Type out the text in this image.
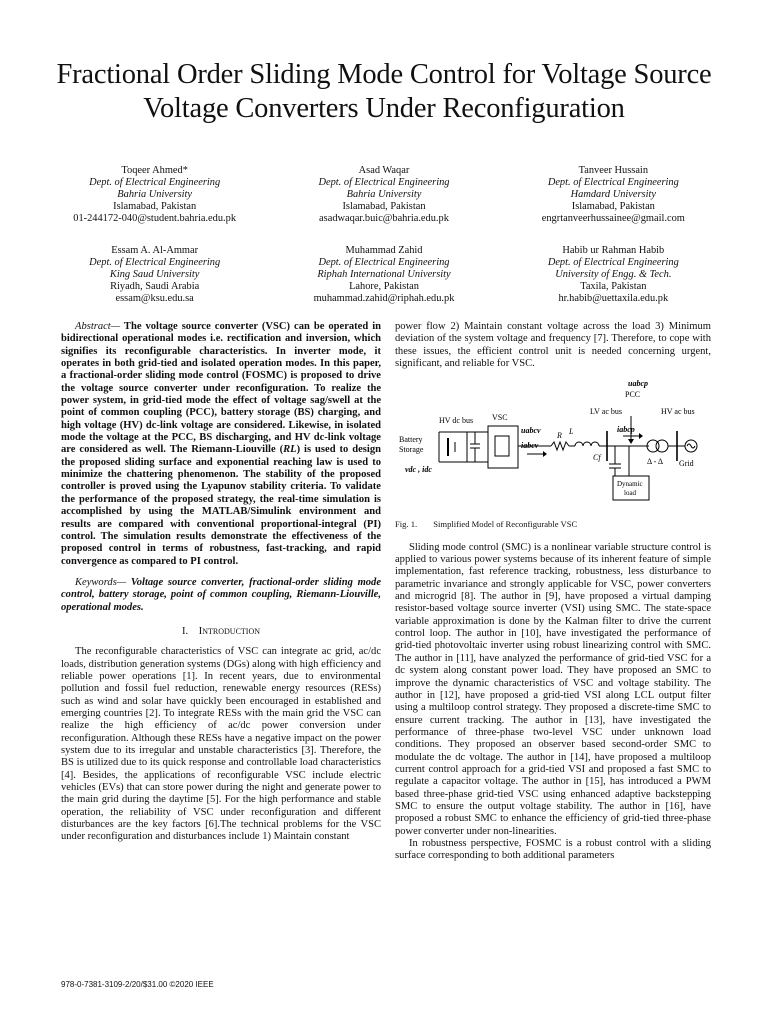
Fractional Order Sliding Mode Control for Voltage Source Voltage Converters Under Reconfiguration
Toqeer Ahmed*
Dept. of Electrical Engineering
Bahria University
Islamabad, Pakistan
01-244172-040@student.bahria.edu.pk
Asad Waqar
Dept. of Electrical Engineering
Bahria University
Islamabad, Pakistan
asadwaqar.buic@bahria.edu.pk
Tanveer Hussain
Dept. of Electrical Engineering
Hamdard University
Islamabad, Pakistan
engrtanveerhussainee@gmail.com
Essam A. Al-Ammar
Dept. of Electrical Engineering
King Saud University
Riyadh, Saudi Arabia
essam@ksu.edu.sa
Muhammad Zahid
Dept. of Electrical Engineering
Riphah International University
Lahore, Pakistan
muhammad.zahid@riphah.edu.pk
Habib ur Rahman Habib
Dept. of Electrical Engineering
University of Engg. & Tech.
Taxila, Pakistan
hr.habib@uettaxila.edu.pk

Abstract— The voltage source converter (VSC) can be operated in bidirectional operational modes i.e. rectification and inversion, which signifies its reconfigurable characteristics. In inverter mode, it operates in both grid-tied and isolated operation modes. In this paper, a fractional-order sliding mode control (FOSMC) is proposed to drive the voltage source converter under reconfiguration. To realize the power system, in grid-tied mode the effect of voltage sag/swell at the point of common coupling (PCC), battery storage (BS) charging, and high voltage (HV) dc-link voltage are considered. Likewise, in isolated mode the voltage at the PCC, BS discharging, and HV dc-link voltage are considered as well. The Riemann-Liouville (RL) is used to design the proposed sliding surface and exponential reaching law is used to minimize the chattering phenomenon. The stability of the proposed controller is proved using the Lyapunov stability criteria. To validate the performance of the proposed strategy, the real-time simulation is accomplished by using the MATLAB/Simulink environment and results are compared with conventional proportional-integral (PI) control. The simulation results demonstrate the effectiveness of the proposed control in terms of robustness, fast-tracking, and rapid convergence as compared to PI control.

Keywords— Voltage source converter, fractional-order sliding mode control, battery storage, point of common coupling, Riemann-Liouville, operational modes.

I. Introduction

The reconfigurable characteristics of VSC can integrate ac grid, ac/dc loads, distribution generation systems (DGs) along with high efficiency and reliable power operations [1]. In recent years, due to environmental pollution and fossil fuel reduction, renewable energy resources (RESs) such as wind and solar have quickly been encouraged in established and emerging countries [2]. To integrate RESs with the main grid the VSC can realize the high efficiency of ac/dc power conversion under reconfiguration. Although these RESs have a negative impact on the power system due to its irregular and unstable characteristics [3]. Therefore, the BS is utilized due to its quick response and controllable load characteristics [4]. Besides, the applications of reconfigurable VSC include electric vehicles (EVs) that can store power during the night and generate power to the main grid during the daytime [5]. For the high performance and stable operation, the reliability of VSC under reconfiguration and different disturbances are the key factors [6].The technical problems for the VSC under reconfiguration and disturbances include 1) Maintain constant

power flow 2) Maintain constant voltage across the load 3) Minimum deviation of the system voltage and frequency [7]. Therefore, to cope with these issues, the efficient control unit is needed concerning urgent, significant, and reliable for VSC.

uabcp
PCC
HV dc bus VSC
uabcv
iabcv
LV ac bus	HV ac bus
Battery
Storage
R L	iabcp
Cf	Δ - Δ Grid
vdc , idc
Dynamic
load

Fig. 1. Simplified Model of Reconfigurable VSC

Sliding mode control (SMC) is a nonlinear variable structure control is applied to various power systems because of its inherent feature of simple implementation, fast reference tracking, robustness, less disturbance to parametric invariance and strongly applicable for VSC, power converters and microgrid [8]. The author in [9], have proposed a virtual damping resistor-based voltage source inverter (VSI) using SMC. The state-space variable approximation is done by the Kalman filter to drive the current control loop. The author in [10], have investigated the performance of grid-tied photovoltaic inverter using robust linearizing control with SMC. The author in [11], have analyzed the performance of grid-tied VSC for a dc system along constant power load. They have proposed an SMC to improve the dynamic characteristics of VSC and voltage stability. The author in [12], have proposed a grid-tied VSI along LCL output filter using a multiloop control strategy. They proposed a discrete-time SMC to ensure current tracking. The author in [13], have investigated the performance of three-phase two-level VSC under unknown load conditions. They proposed an observer based second-order SMC to modulate the dc voltage. The author in [14], have proposed a multiloop current control approach for a grid-tied VSI and proposed a fast SMC to regulate a capacitor voltage. The author in [15], has introduced a PWM based three-phase grid-tied VSC using enhanced adaptive backstepping SMC to ensure the output voltage stability. The author in [16], have proposed a robust SMC to enhance the efficiency of grid-tied three-phase power converter under non-linearities.

In robustness perspective, FOSMC is a robust control with a sliding surface corresponding to both additional parameters

978-0-7381-3109-2/20/$31.00 ©2020 IEEE
